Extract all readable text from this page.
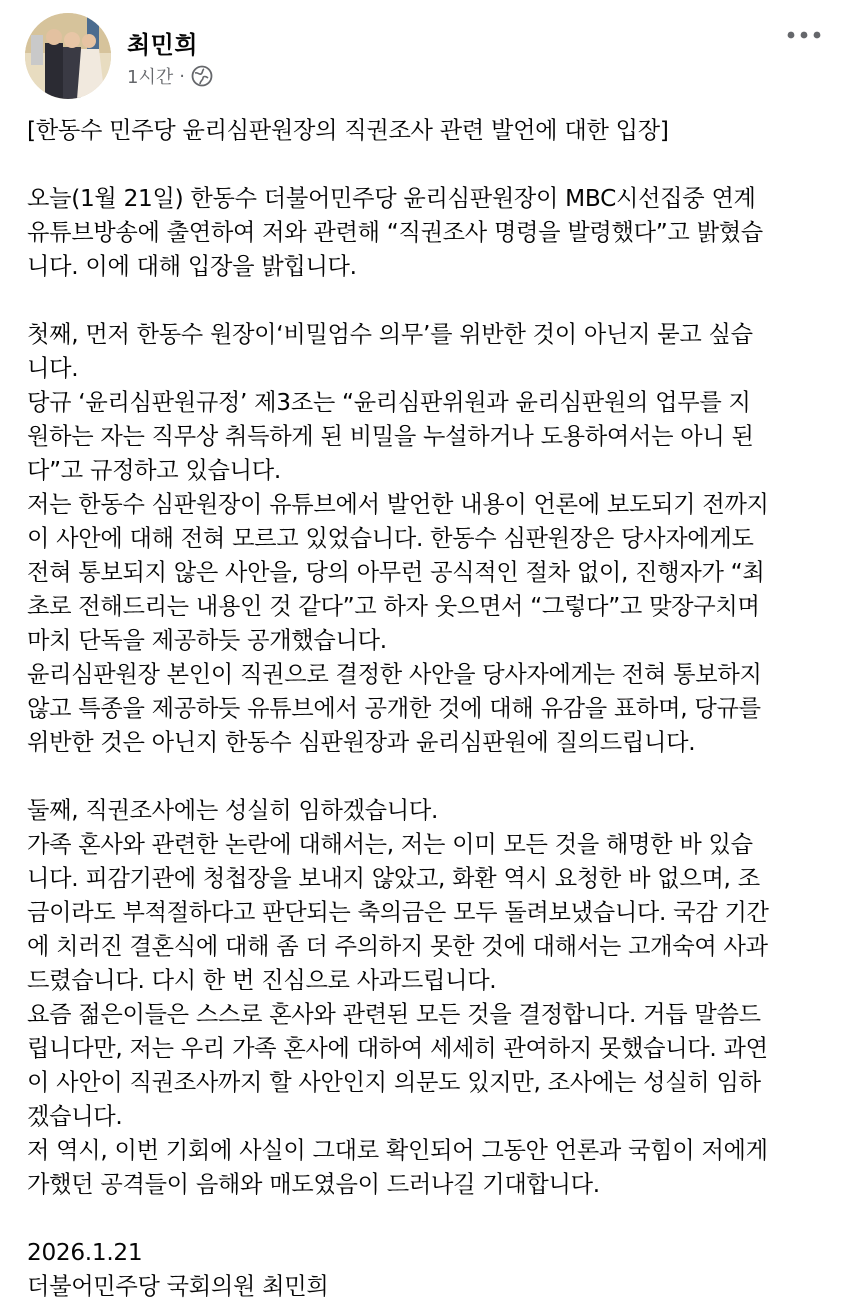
최민희
1시간 ·

[한동수 민주당 윤리심판원장의 직권조사 관련 발언에 대한 입장]

오늘(1월 21일) 한동수 더불어민주당 윤리심판원장이 MBC시선집중 연계
유튜브방송에 출연하여 저와 관련해 “직권조사 명령을 발령했다”고 밝혔습
니다. 이에 대해 입장을 밝힙니다.

첫째, 먼저 한동수 원장이‘비밀엄수 의무’를 위반한 것이 아닌지 묻고 싶습
니다.
당규 ‘윤리심판원규정’ 제3조는 “윤리심판위원과 윤리심판원의 업무를 지
원하는 자는 직무상 취득하게 된 비밀을 누설하거나 도용하여서는 아니 된
다”고 규정하고 있습니다.
저는 한동수 심판원장이 유튜브에서 발언한 내용이 언론에 보도되기 전까지
이 사안에 대해 전혀 모르고 있었습니다. 한동수 심판원장은 당사자에게도
전혀 통보되지 않은 사안을, 당의 아무런 공식적인 절차 없이, 진행자가 “최
초로 전해드리는 내용인 것 같다”고 하자 웃으면서 “그렇다”고 맞장구치며
마치 단독을 제공하듯 공개했습니다.
윤리심판원장 본인이 직권으로 결정한 사안을 당사자에게는 전혀 통보하지
않고 특종을 제공하듯 유튜브에서 공개한 것에 대해 유감을 표하며, 당규를
위반한 것은 아닌지 한동수 심판원장과 윤리심판원에 질의드립니다.

둘째, 직권조사에는 성실히 임하겠습니다.
가족 혼사와 관련한 논란에 대해서는, 저는 이미 모든 것을 해명한 바 있습
니다. 피감기관에 청첩장을 보내지 않았고, 화환 역시 요청한 바 없으며, 조
금이라도 부적절하다고 판단되는 축의금은 모두 돌려보냈습니다. 국감 기간
에 치러진 결혼식에 대해 좀 더 주의하지 못한 것에 대해서는 고개숙여 사과
드렸습니다. 다시 한 번 진심으로 사과드립니다.
요즘 젊은이들은 스스로 혼사와 관련된 모든 것을 결정합니다. 거듭 말씀드
립니다만, 저는 우리 가족 혼사에 대하여 세세히 관여하지 못했습니다. 과연
이 사안이 직권조사까지 할 사안인지 의문도 있지만, 조사에는 성실히 임하
겠습니다.
저 역시, 이번 기회에 사실이 그대로 확인되어 그동안 언론과 국힘이 저에게
가했던 공격들이 음해와 매도였음이 드러나길 기대합니다.

2026.1.21

더불어민주당 국회의원 최민희
